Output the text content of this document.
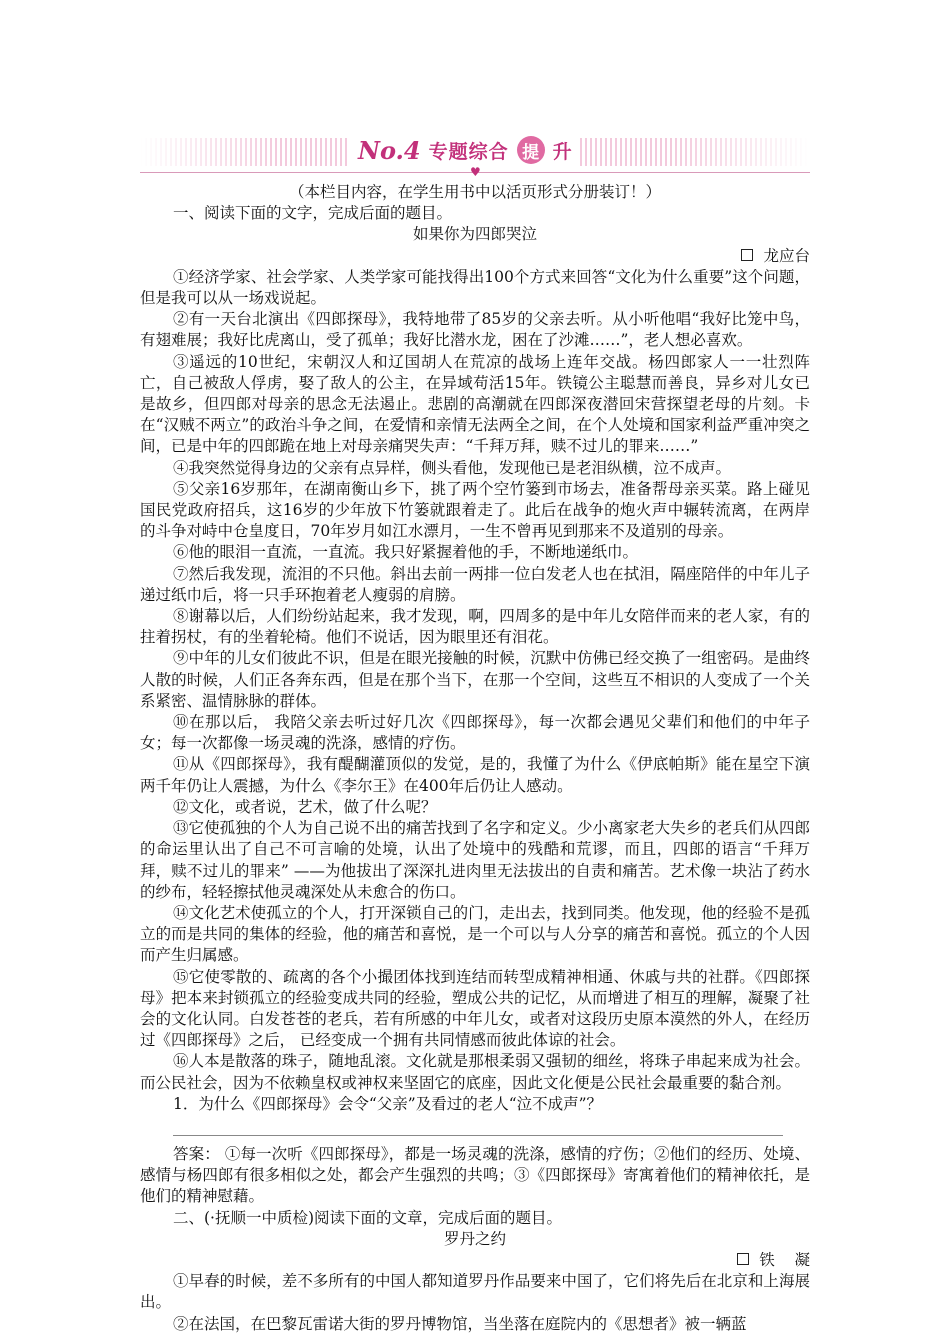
No.4 专题综合 提 升
♥

（本栏目内容，在学生用书中以活页形式分册装订！）

一、阅读下面的文字，完成后面的题目。

如果你为四郎哭泣

龙应台

①经济学家、社会学家、人类学家可能找得出100个方式来回答“文化为什么重要”这个问题，但是我可以从一场戏说起。

②有一天台北演出《四郎探母》，我特地带了85岁的父亲去听。从小听他唱“我好比笼中鸟，有翅难展；我好比虎离山，受了孤单；我好比潜水龙，困在了沙滩……”，老人想必喜欢。

③遥远的10世纪，宋朝汉人和辽国胡人在荒凉的战场上连年交战。杨四郎家人一一壮烈阵亡，自己被敌人俘虏，娶了敌人的公主，在异域苟活15年。铁镜公主聪慧而善良，异乡对儿女已是故乡，但四郎对母亲的思念无法遏止。悲剧的高潮就在四郎深夜潜回宋营探望老母的片刻。卡在“汉贼不两立”的政治斗争之间，在爱情和亲情无法两全之间，在个人处境和国家利益严重冲突之间，已是中年的四郎跪在地上对母亲痛哭失声：“千拜万拜，赎不过儿的罪来……”

④我突然觉得身边的父亲有点异样，侧头看他，发现他已是老泪纵横，泣不成声。

⑤父亲16岁那年，在湖南衡山乡下，挑了两个空竹篓到市场去，准备帮母亲买菜。路上碰见国民党政府招兵，这16岁的少年放下竹篓就跟着走了。此后在战争的炮火声中辗转流离，在两岸的斗争对峙中仓皇度日，70年岁月如江水漂月，一生不曾再见到那来不及道别的母亲。

⑥他的眼泪一直流，一直流。我只好紧握着他的手，不断地递纸巾。

⑦然后我发现，流泪的不只他。斜出去前一两排一位白发老人也在拭泪，隔座陪伴的中年儿子递过纸巾后，将一只手环抱着老人瘦弱的肩膀。

⑧谢幕以后，人们纷纷站起来，我才发现，啊，四周多的是中年儿女陪伴而来的老人家，有的拄着拐杖，有的坐着轮椅。他们不说话，因为眼里还有泪花。

⑨中年的儿女们彼此不识，但是在眼光接触的时候，沉默中仿佛已经交换了一组密码。是曲终人散的时候，人们正各奔东西，但是在那个当下，在那一个空间，这些互不相识的人变成了一个关系紧密、温情脉脉的群体。

⑩在那以后， 我陪父亲去听过好几次《四郎探母》，每一次都会遇见父辈们和他们的中年子女；每一次都像一场灵魂的洗涤，感情的疗伤。

⑪从《四郎探母》，我有醍醐灌顶似的发觉，是的，我懂了为什么《伊底帕斯》能在星空下演两千年仍让人震撼，为什么《李尔王》在400年后仍让人感动。

⑫文化，或者说，艺术，做了什么呢？

⑬它使孤独的个人为自己说不出的痛苦找到了名字和定义。少小离家老大失乡的老兵们从四郎的命运里认出了自己不可言喻的处境，认出了处境中的残酷和荒谬，而且，四郎的语言“千拜万拜，赎不过儿的罪来” ——为他拔出了深深扎进肉里无法拔出的自责和痛苦。艺术像一块沾了药水的纱布，轻轻擦拭他灵魂深处从未愈合的伤口。

⑭文化艺术使孤立的个人，打开深锁自己的门，走出去，找到同类。他发现，他的经验不是孤立的而是共同的集体的经验，他的痛苦和喜悦，是一个可以与人分享的痛苦和喜悦。孤立的个人因而产生归属感。

⑮它使零散的、疏离的各个小撮团体找到连结而转型成精神相通、休戚与共的社群。《四郎探母》把本来封锁孤立的经验变成共同的经验，塑成公共的记忆，从而增进了相互的理解，凝聚了社 会的文化认同。白发苍苍的老兵，若有所感的中年儿女，或者对这段历史原本漠然的外人，在经历过《四郎探母》之后， 已经变成一个拥有共同情感而彼此体谅的社会。

⑯人本是散落的珠子，随地乱滚。文化就是那根柔弱又强韧的细丝，将珠子串起来成为社会。而公民社会，因为不依赖皇权或神权来坚固它的底座，因此文化便是公民社会最重要的黏合剂。

1．为什么《四郎探母》会令“父亲”及看过的老人“泣不成声”？

答案： ①每一次听《四郎探母》，都是一场灵魂的洗涤，感情的疗伤；②他们的经历、处境、感情与杨四郎有很多相似之处，都会产生强烈的共鸣；③《四郎探母》寄寓着他们的精神依托，是他们的精神慰藉。

二、(·抚顺一中质检)阅读下面的文章，完成后面的题目。

罗丹之约

铁    凝

①早春的时候，差不多所有的中国人都知道罗丹作品要来中国了，它们将先后在北京和上海展出。

②在法国，在巴黎瓦雷诺大街的罗丹博物馆，当坐落在庭院内的《思想者》被一辆蓝
